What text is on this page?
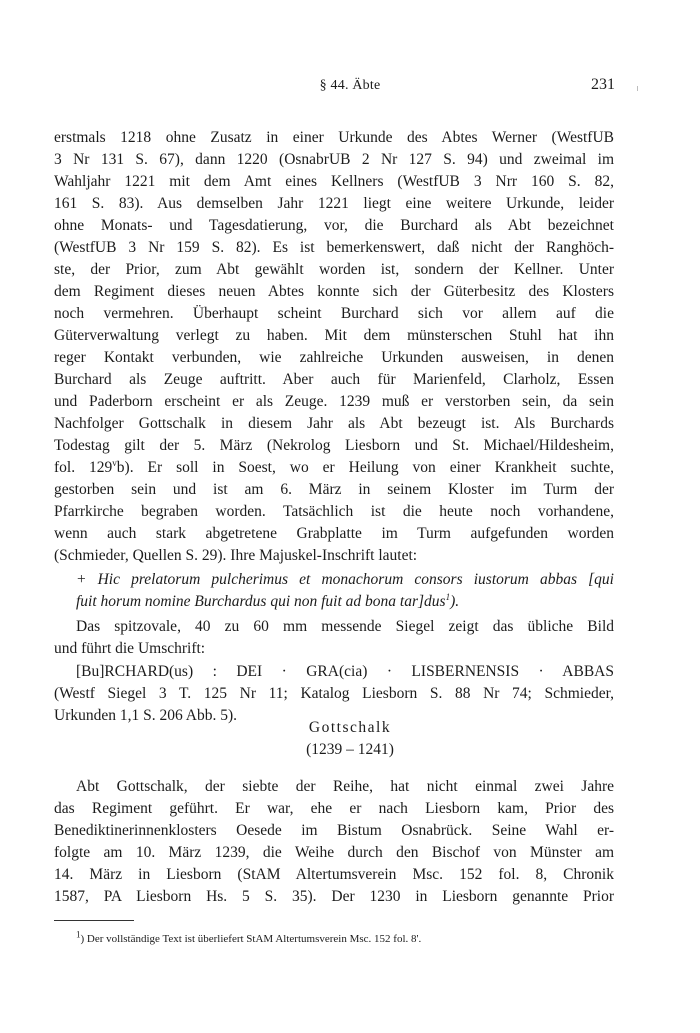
§ 44. Äbte	231
erstmals 1218 ohne Zusatz in einer Urkunde des Abtes Werner (WestfUB
3 Nr 131 S. 67), dann 1220 (OsnabrUB 2 Nr 127 S. 94) und zweimal im
Wahljahr 1221 mit dem Amt eines Kellners (WestfUB 3 Nrr 160 S. 82,
161 S. 83). Aus demselben Jahr 1221 liegt eine weitere Urkunde, leider
ohne Monats- und Tagesdatierung, vor, die Burchard als Abt bezeichnet
(WestfUB 3 Nr 159 S. 82). Es ist bemerkenswert, daß nicht der Ranghöch-
ste, der Prior, zum Abt gewählt worden ist, sondern der Kellner. Unter
dem Regiment dieses neuen Abtes konnte sich der Güterbesitz des Klosters
noch vermehren. Überhaupt scheint Burchard sich vor allem auf die
Güterverwaltung verlegt zu haben. Mit dem münsterschen Stuhl hat ihn
reger Kontakt verbunden, wie zahlreiche Urkunden ausweisen, in denen
Burchard als Zeuge auftritt. Aber auch für Marienfeld, Clarholz, Essen
und Paderborn erscheint er als Zeuge. 1239 muß er verstorben sein, da sein
Nachfolger Gottschalk in diesem Jahr als Abt bezeugt ist. Als Burchards
Todestag gilt der 5. März (Nekrolog Liesborn und St. Michael/Hildesheim,
fol. 129$^v$b). Er soll in Soest, wo er Heilung von einer Krankheit suchte,
gestorben sein und ist am 6. März in seinem Kloster im Turm der
Pfarrkirche begraben worden. Tatsächlich ist die heute noch vorhandene,
wenn auch stark abgetretene Grabplatte im Turm aufgefunden worden
(Schmieder, Quellen S. 29). Ihre Majuskel-Inschrift lautet:
+ Hic prelatorum pulcherimus et monachorum consors iustorum abbas [qui
fuit horum nomine Burchardus qui non fuit ad bona tar]dus$^1$).
Das spitzovale, 40 zu 60 mm messende Siegel zeigt das übliche Bild
und führt die Umschrift:
[Bu]RCHARD(us) : DEI · GRA(cia) · LISBERNENSIS · ABBAS
(Westf Siegel 3 T. 125 Nr 11; Katalog Liesborn S. 88 Nr 74; Schmieder,
Urkunden 1,1 S. 206 Abb. 5).
Gottschalk
(1239 – 1241)
Abt Gottschalk, der siebte der Reihe, hat nicht einmal zwei Jahre
das Regiment geführt. Er war, ehe er nach Liesborn kam, Prior des
Benediktinerinnenklosters Oesede im Bistum Osnabrück. Seine Wahl er-
folgte am 10. März 1239, die Weihe durch den Bischof von Münster am
14. März in Liesborn (StAM Altertumsverein Msc. 152 fol. 8, Chronik
1587, PA Liesborn Hs. 5 S. 35). Der 1230 in Liesborn genannte Prior
$^1$) Der vollständige Text ist überliefert StAM Altertumsverein Msc. 152 fol. 8'.
